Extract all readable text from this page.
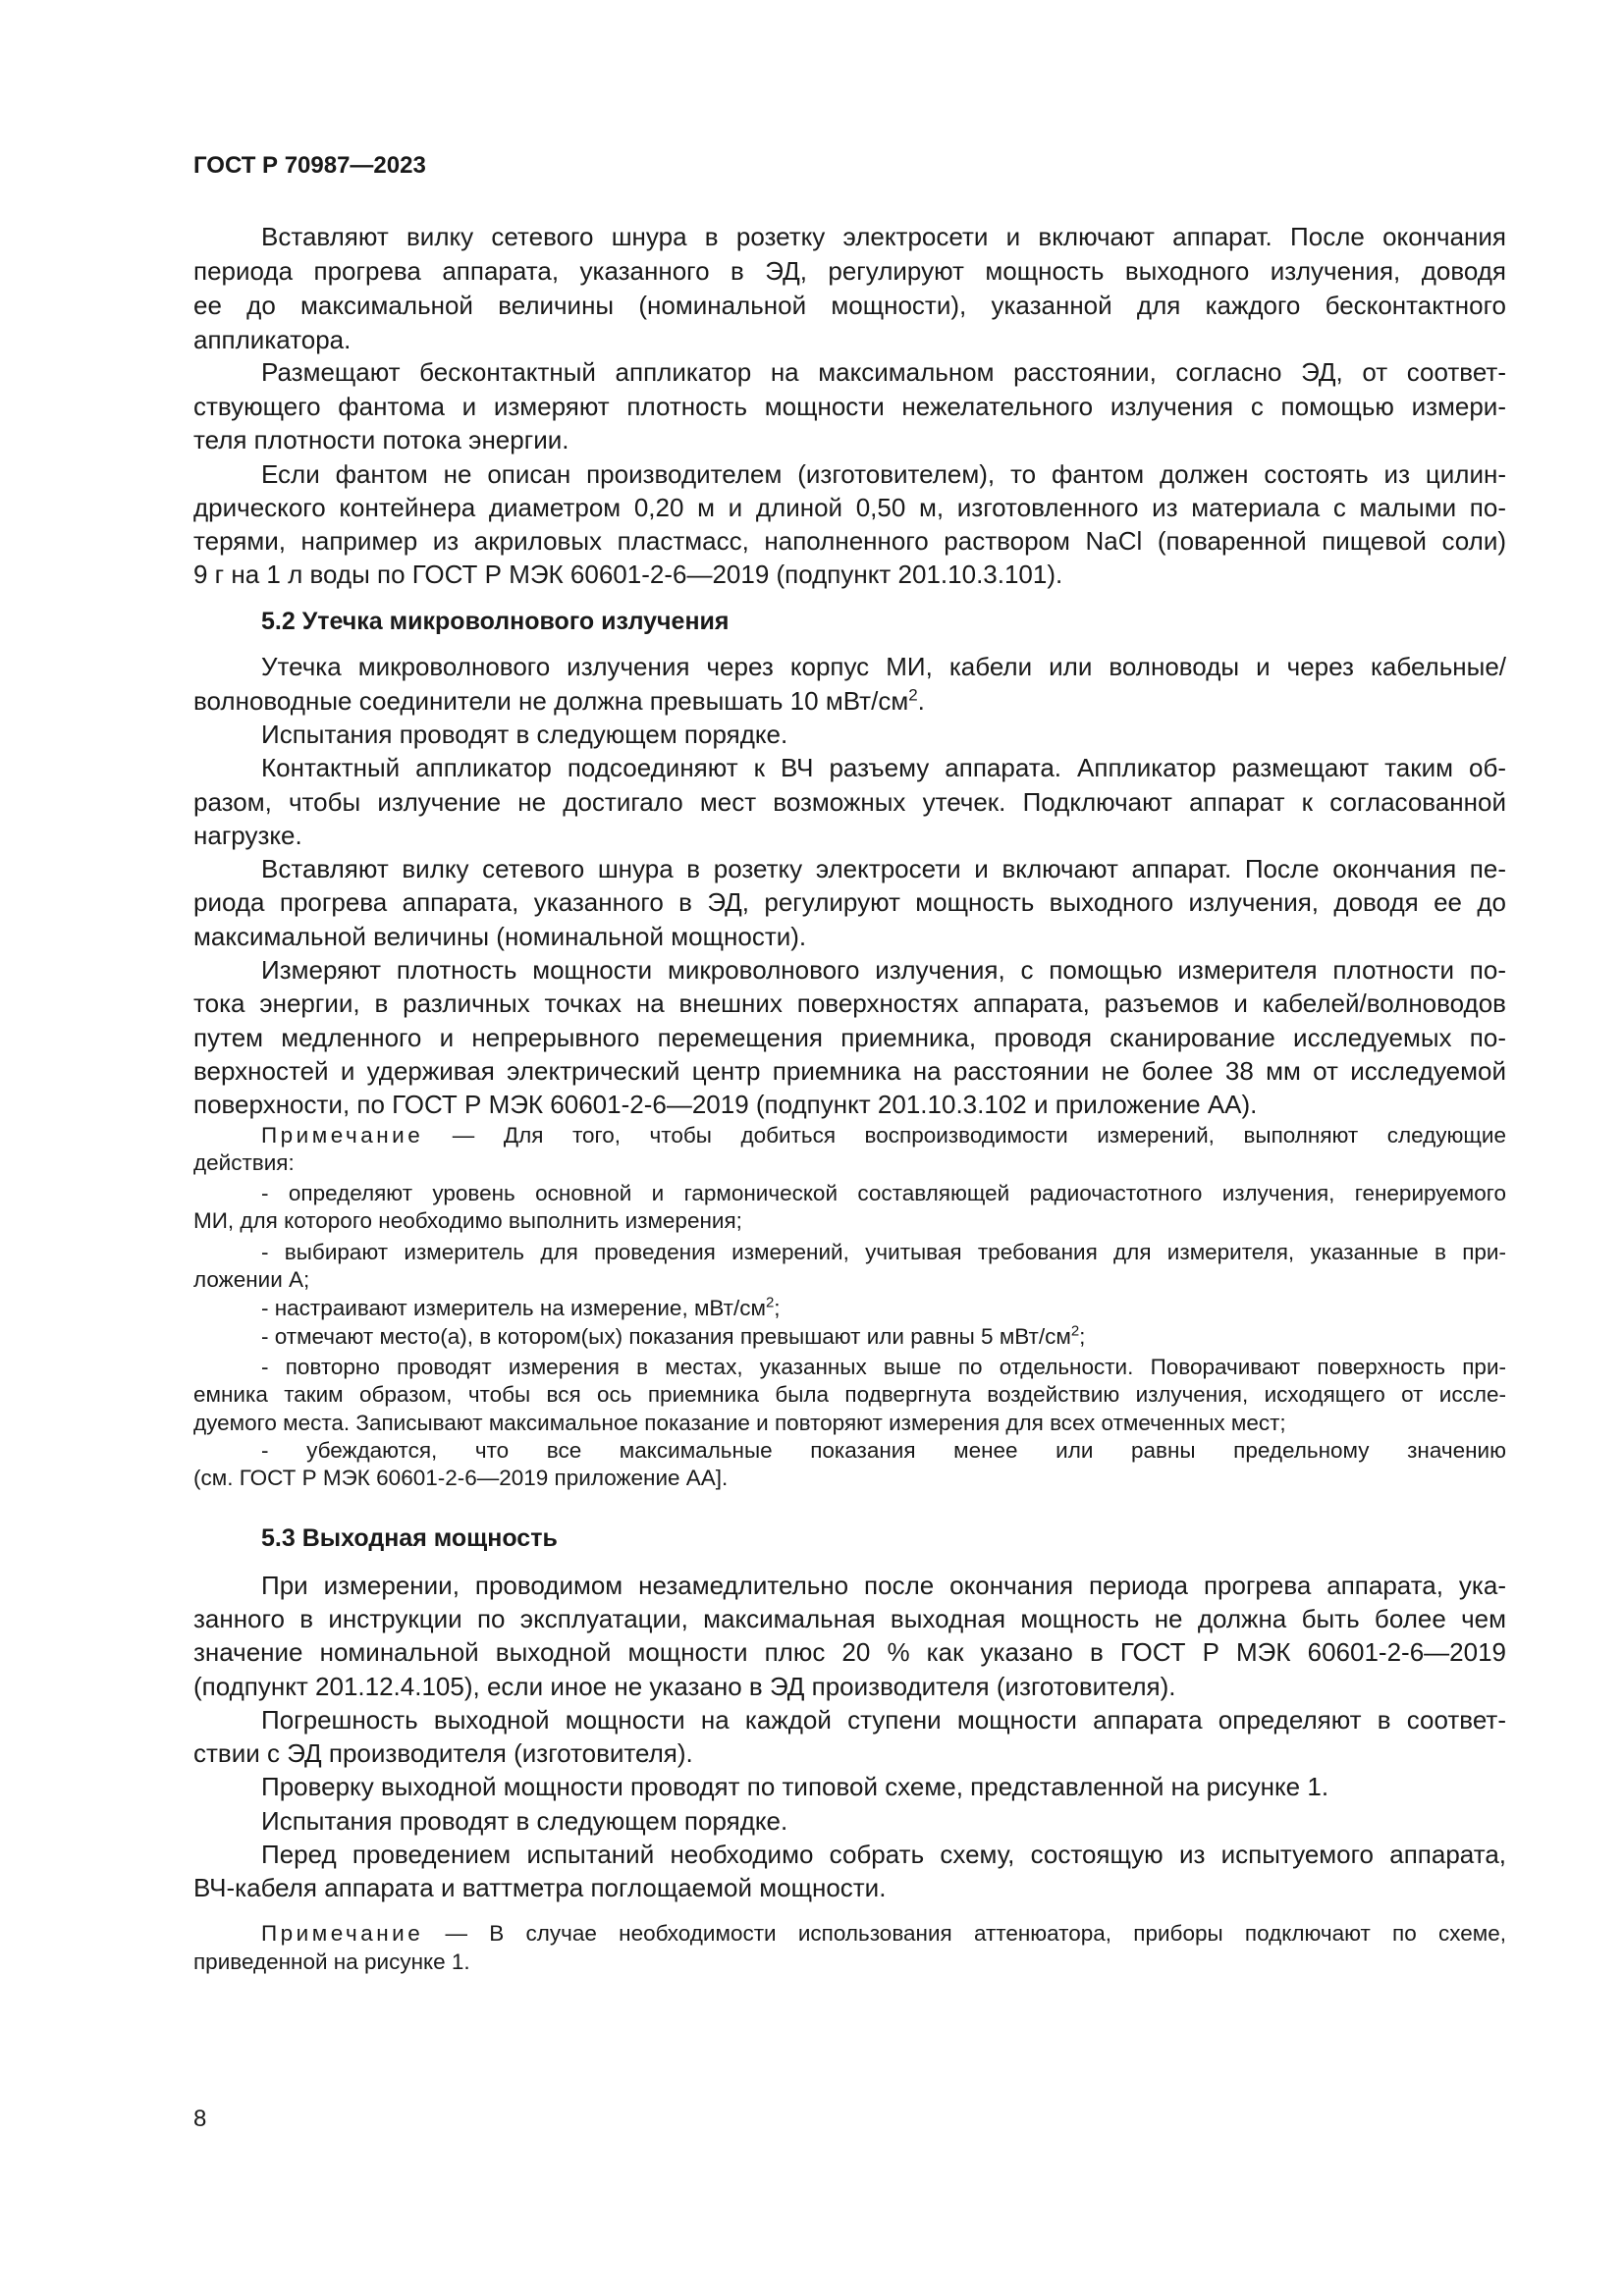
ГОСТ Р 70987—2023
Вставляют вилку сетевого шнура в розетку электросети и включают аппарат. После окончания
периода прогрева аппарата, указанного в ЭД, регулируют мощность выходного излучения, доводя
ее до максимальной величины (номинальной мощности), указанной для каждого бесконтактного
аппликатора.
Размещают бесконтактный аппликатор на максимальном расстоянии, согласно ЭД, от соответ-
ствующего фантома и измеряют плотность мощности нежелательного излучения с помощью измери-
теля плотности потока энергии.
Если фантом не описан производителем (изготовителем), то фантом должен состоять из цилин-
дрического контейнера диаметром 0,20 м и длиной 0,50 м, изготовленного из материала с малыми по-
терями, например из акриловых пластмасс, наполненного раствором NaCl (поваренной пищевой соли)
9 г на 1 л воды по ГОСТ Р МЭК 60601-2-6—2019 (подпункт 201.10.3.101).
5.2 Утечка микроволнового излучения
Утечка микроволнового излучения через корпус МИ, кабели или волноводы и через кабельные/
волноводные соединители не должна превышать 10 мВт/$см^2$.
Испытания проводят в следующем порядке.
Контактный аппликатор подсоединяют к ВЧ разъему аппарата. Аппликатор размещают таким об-
разом, чтобы излучение не достигало мест возможных утечек. Подключают аппарат к согласованной
нагрузке.
Вставляют вилку сетевого шнура в розетку электросети и включают аппарат. После окончания пе-
риода прогрева аппарата, указанного в ЭД, регулируют мощность выходного излучения, доводя ее до
максимальной величины (номинальной мощности).
Измеряют плотность мощности микроволнового излучения, с помощью измерителя плотности по-
тока энергии, в различных точках на внешних поверхностях аппарата, разъемов и кабелей/волноводов
путем медленного и непрерывного перемещения приемника, проводя сканирование исследуемых по-
верхностей и удерживая электрический центр приемника на расстоянии не более 38 мм от исследуемой
поверхности, по ГОСТ Р МЭК 60601-2-6—2019 (подпункт 201.10.3.102 и приложение АА).
Примечание — Для того, чтобы добиться воспроизводимости измерений, выполняют следующие
действия:
- определяют уровень основной и гармонической составляющей радиочастотного излучения, генерируемого
МИ, для которого необходимо выполнить измерения;
- выбирают измеритель для проведения измерений, учитывая требования для измерителя, указанные в при-
ложении А;
- настраивают измеритель на измерение, мВт/$см^2$;
- отмечают место(а), в котором(ых) показания превышают или равны 5 мВт/$см^2$;
- повторно проводят измерения в местах, указанных выше по отдельности. Поворачивают поверхность при-
емника таким образом, чтобы вся ось приемника была подвергнута воздействию излучения, исходящего от иссле-
дуемого места. Записывают максимальное показание и повторяют измерения для всех отмеченных мест;
- убеждаются, что все максимальные показания менее или равны предельному значению
(см. ГОСТ Р МЭК 60601-2-6—2019 приложение АА].
5.3 Выходная мощность
При измерении, проводимом незамедлительно после окончания периода прогрева аппарата, ука-
занного в инструкции по эксплуатации, максимальная выходная мощность не должна быть более чем
значение номинальной выходной мощности плюс 20 % как указано в ГОСТ Р МЭК 60601-2-6—2019
(подпункт 201.12.4.105), если иное не указано в ЭД производителя (изготовителя).
Погрешность выходной мощности на каждой ступени мощности аппарата определяют в соответ-
ствии с ЭД производителя (изготовителя).
Проверку выходной мощности проводят по типовой схеме, представленной на рисунке 1.
Испытания проводят в следующем порядке.
Перед проведением испытаний необходимо собрать схему, состоящую из испытуемого аппарата,
ВЧ-кабеля аппарата и ваттметра поглощаемой мощности.
Примечание — В случае необходимости использования аттенюатора, приборы подключают по схеме,
приведенной на рисунке 1.
8
